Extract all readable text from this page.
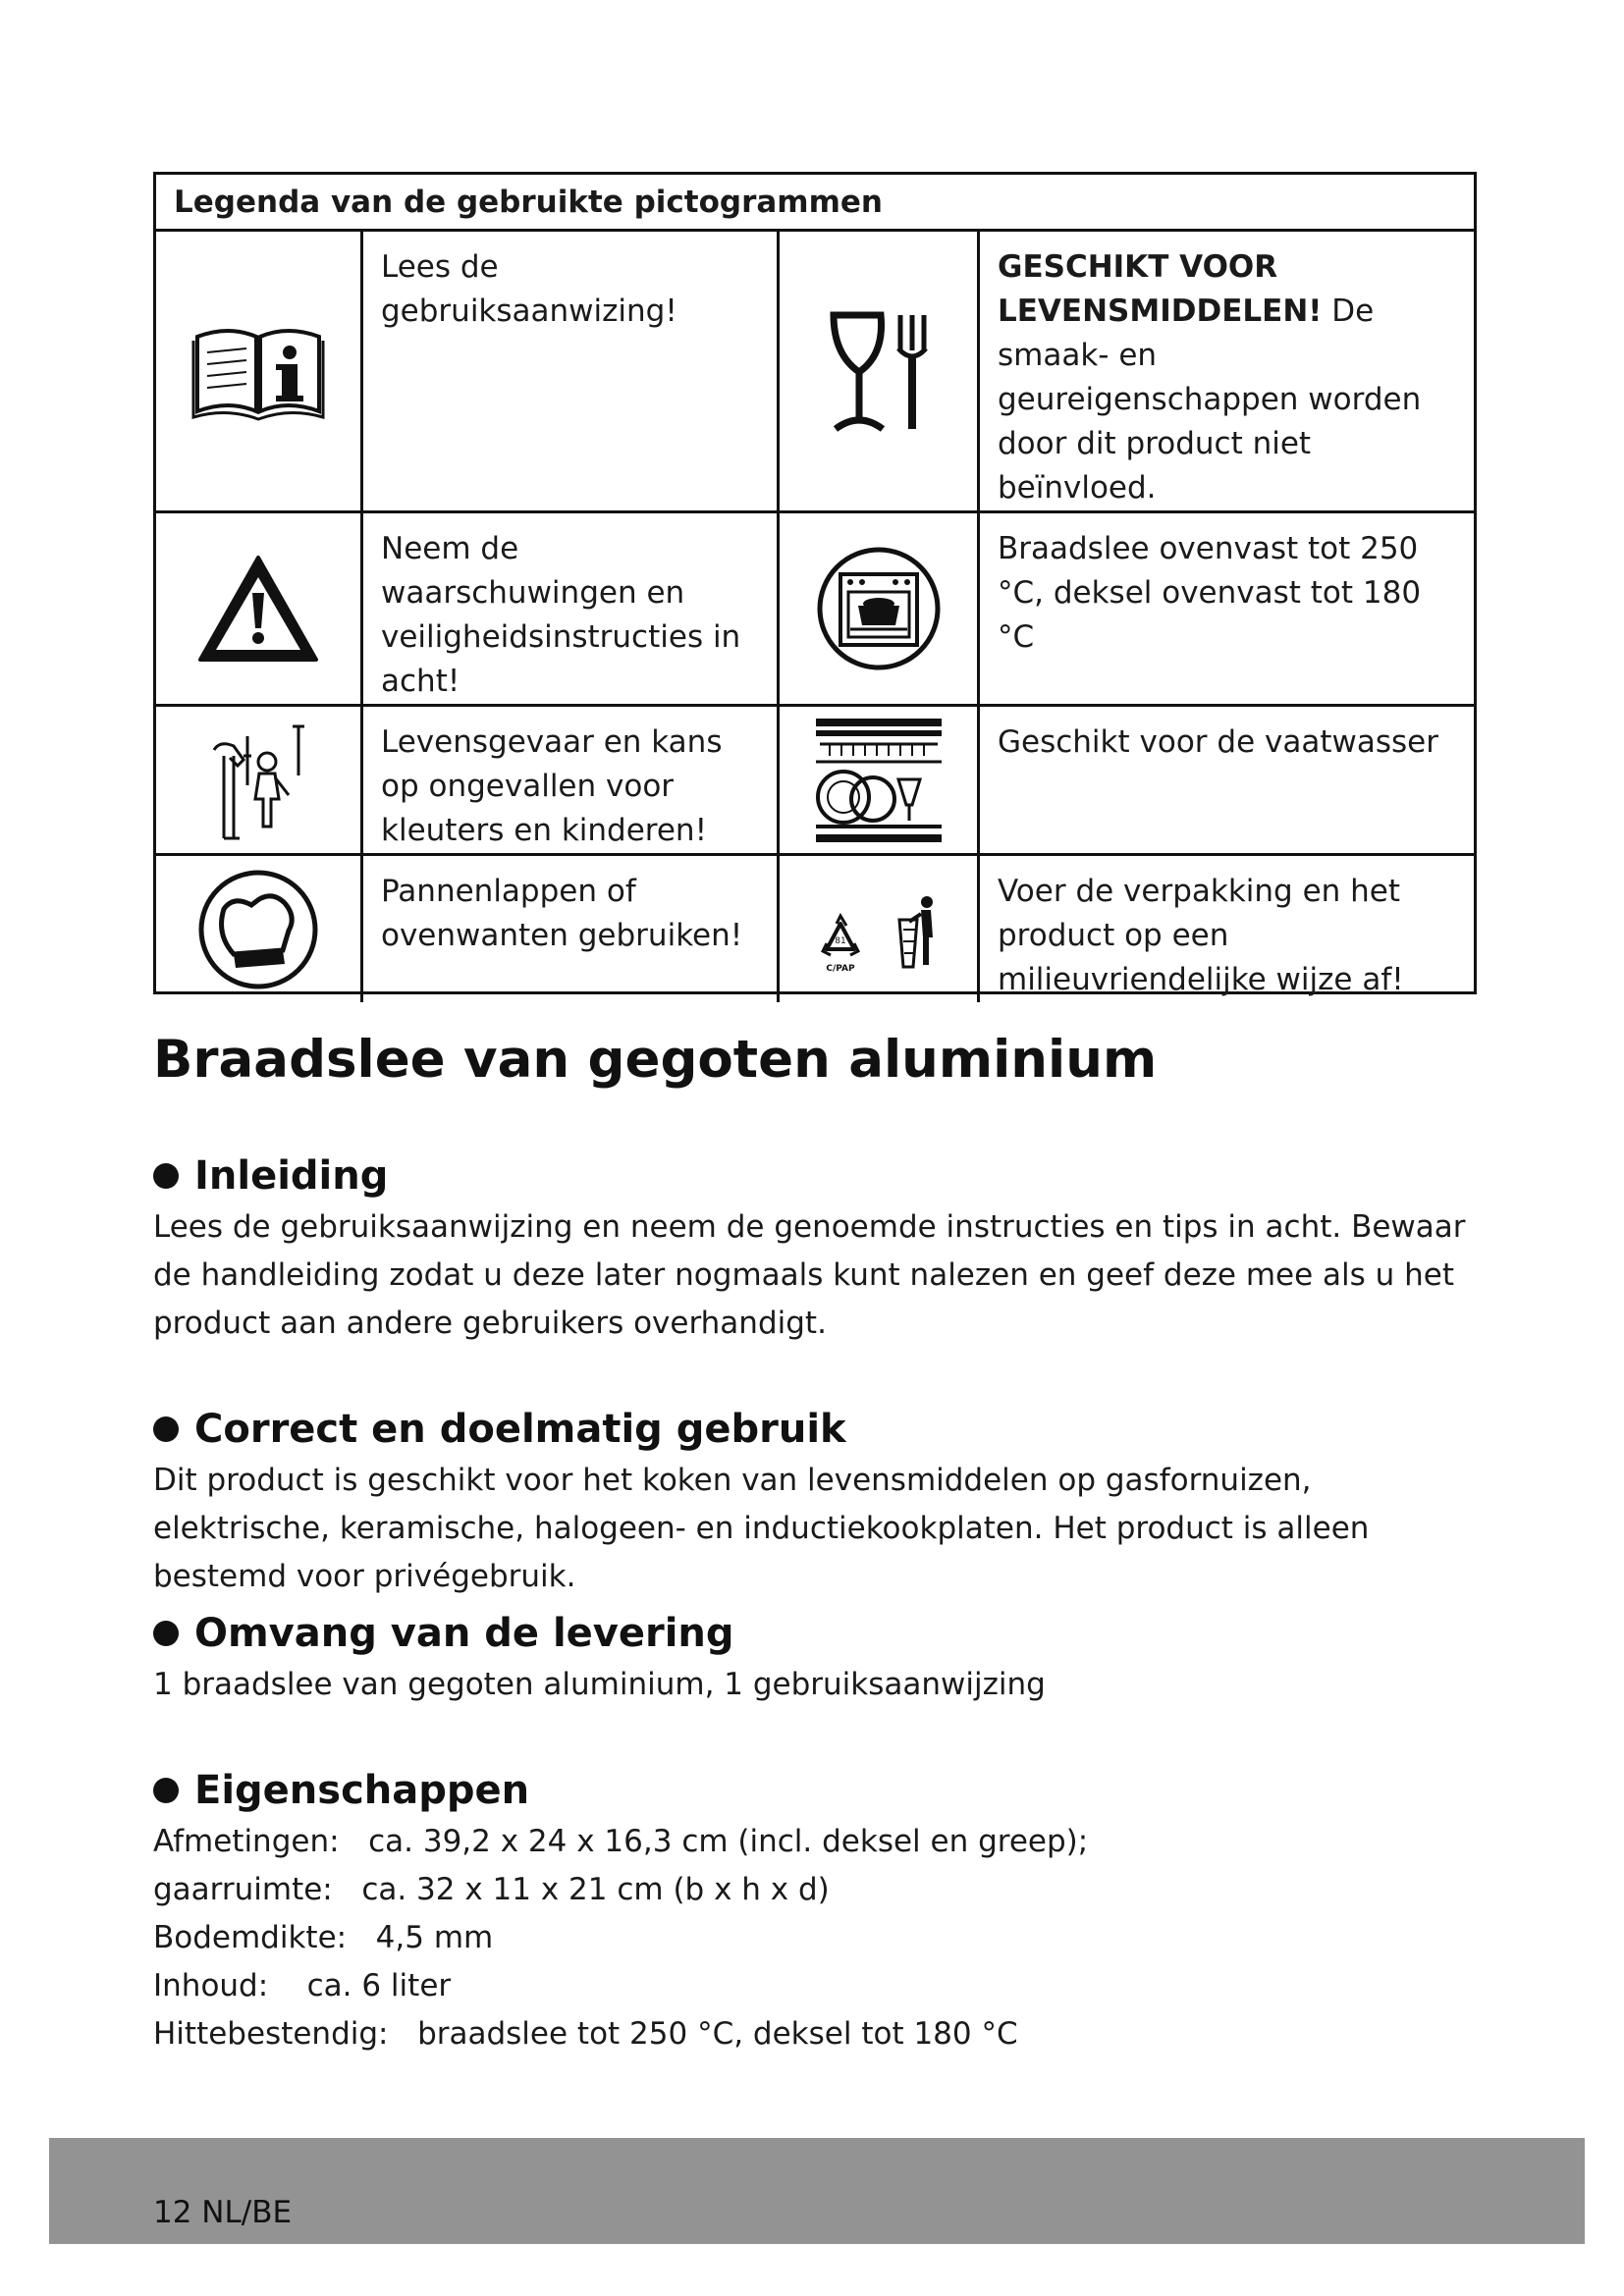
Legenda van de gebruikte pictogrammen
Lees de gebruiksaanwizing!
GESCHIKT VOOR LEVENSMIDDELEN! De smaak- en geureigenschappen worden door dit product niet beïnvloed.
Neem de waarschuwingen en veiligheidsinstructies in acht!
Braadslee ovenvast tot 250 °C, deksel ovenvast tot 180 °C
Levensgevaar en kans op ongevallen voor kleuters en kinderen!
Geschikt voor de vaatwasser
Pannenlappen of ovenwanten gebruiken!	81
C/PAP
Voer de verpakking en het product op een milieuvriendelijke wijze af!
Braadslee van gegoten aluminium
Inleiding

Lees de gebruiksaanwijzing en neem de genoemde instructies en tips in acht. Bewaar de handleiding zodat u deze later nogmaals kunt nalezen en geef deze mee als u het product aan andere gebruikers overhandigt.

Correct en doelmatig gebruik

Dit product is geschikt voor het koken van levensmiddelen op gasfornuizen, elektrische, keramische, halogeen- en inductiekookplaten. Het product is alleen bestemd voor privégebruik.

Omvang van de levering

1 braadslee van gegoten aluminium, 1 gebruiksaanwijzing

Eigenschappen
Afmetingen: ca. 39,2 x 24 x 16,3 cm (incl. deksel en greep);
gaarruimte: ca. 32 x 11 x 21 cm (b x h x d)
Bodemdikte: 4,5 mm
Inhoud: ca. 6 liter
Hittebestendig: braadslee tot 250 °C, deksel tot 180 °C
12 NL/BE
